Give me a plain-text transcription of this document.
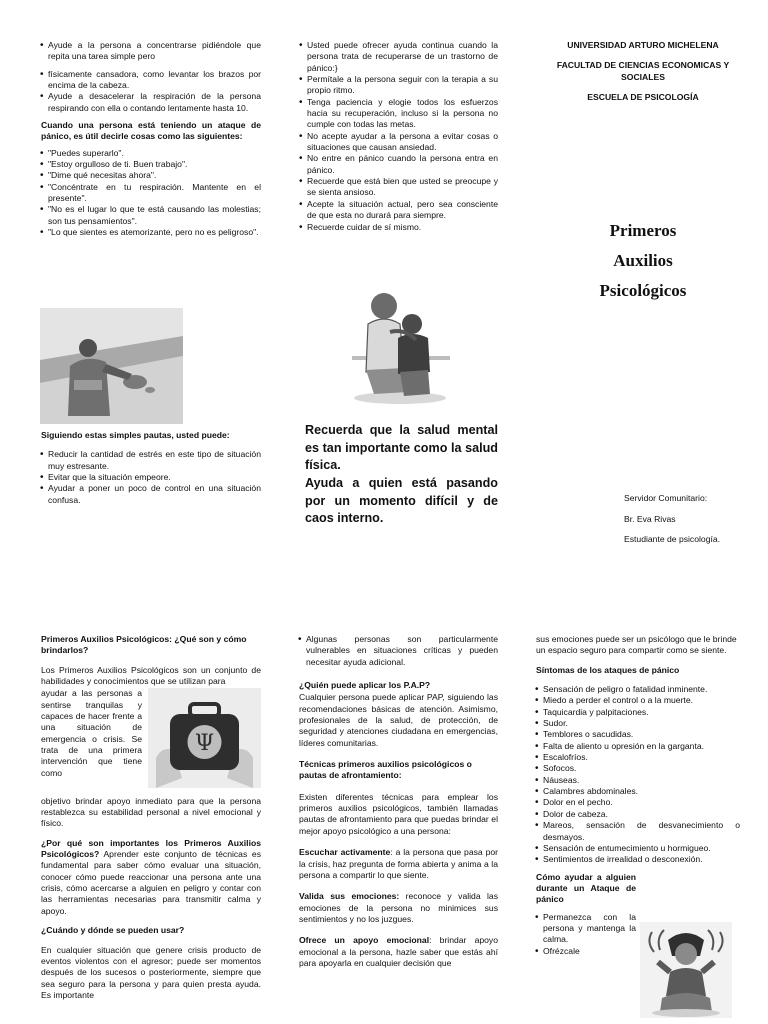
• Ayude a la persona a concentrarse pidiéndole que repita una tarea simple pero
• físicamente cansadora, como levantar los brazos por encima de la cabeza.
• Ayude a desacelerar la respiración de la persona respirando con ella o contando lentamente hasta 10.

Cuando una persona está teniendo un ataque de pánico, es útil decirle cosas como las siguientes:

• "Puedes superarlo".
• "Estoy orgulloso de ti. Buen trabajo".
• "Dime qué necesitas ahora".
• "Concéntrate en tu respiración. Mantente en el presente".
• "No es el lugar lo que te está causando las molestias; son tus pensamientos".
• "Lo que sientes es atemorizante, pero no es peligroso".

Siguiendo estas simples pautas, usted puede:

• Reducir la cantidad de estrés en este tipo de situación muy estresante.
• Evitar que la situación empeore.
• Ayudar a poner un poco de control en una situación confusa.
• Usted puede ofrecer ayuda continua cuando la persona trata de recuperarse de un trastorno de pánico:}
• Permítale a la persona seguir con la terapia a su propio ritmo.
• Tenga paciencia y elogie todos los esfuerzos hacia su recuperación, incluso si la persona no cumple con todas las metas.
• No acepte ayudar a la persona a evitar cosas o situaciones que causan ansiedad.
• No entre en pánico cuando la persona entra en pánico.
• Recuerde que está bien que usted se preocupe y se sienta ansioso.
• Acepte la situación actual, pero sea consciente de que esta no durará para siempre.
• Recuerde cuidar de sí mismo.
Recuerda que la salud mental es tan importante como la salud física.
Ayuda a quien está pasando por un momento difícil y de caos interno.
UNIVERSIDAD ARTURO MICHELENA
FACULTAD DE CIENCIAS ECONOMICAS Y SOCIALES
ESCUELA DE PSICOLOGÍA
Primeros
Auxilios
Psicológicos
Servidor Comunitario:
Br. Eva Rivas
Estudiante de psicología.

Primeros Auxilios Psicológicos: ¿Qué son y cómo brindarlos?

Los Primeros Auxilios Psicológicos son un conjunto de habilidades y conocimientos que se utilizan para

Ψ

ayudar a las personas a sentirse tranquilas y capaces de hacer frente a una situación de emergencia o crisis. Se trata de una primera intervención que tiene como

objetivo brindar apoyo inmediato para que la persona restablezca su estabilidad personal a nivel emocional y físico.

¿Por qué son importantes los Primeros Auxilios Psicológicos? Aprender este conjunto de técnicas es fundamental para saber cómo evaluar una situación, conocer cómo puede reaccionar una persona ante una crisis, cómo acercarse a alguien en peligro y contar con las herramientas necesarias para transmitir calma y apoyo.

¿Cuándo y dónde se pueden usar?

En cualquier situación que genere crisis producto de eventos violentos con el agresor; puede ser momentos después de los sucesos o posteriormente, siempre que sea seguro para la persona y para quien presta ayuda. Es importante

• Algunas personas son particularmente vulnerables en situaciones críticas y pueden necesitar ayuda adicional.

¿Quién puede aplicar los P.A.P?

Cualquier persona puede aplicar PAP, siguiendo las recomendaciones básicas de atención. Asimismo, profesionales de la salud, de protección, de seguridad y atenciones ciudadana en emergencias, líderes comunitarias.

Técnicas primeros auxilios psicológicos o pautas de afrontamiento:

Existen diferentes técnicas para emplear los primeros auxilios psicológicos, también llamadas pautas de afrontamiento para que puedas brindar el mejor apoyo psicológico a una persona:

Escuchar activamente: a la persona que pasa por la crisis, haz pregunta de forma abierta y anima a la persona a compartir lo que siente.

Valida sus emociones: reconoce y valida las emociones de la persona no minimices sus sentimientos y no los juzgues.

Ofrece un apoyo emocional: brindar apoyo emocional a la persona, hazle saber que estás ahí para apoyarla en cualquier decisión que

sus emociones puede ser un psicólogo que le brinde un espacio seguro para compartir como se siente.

Síntomas de los ataques de pánico

• Sensación de peligro o fatalidad inminente.
• Miedo a perder el control o a la muerte.
• Taquicardia y palpitaciones.
• Sudor.
• Temblores o sacudidas.
• Falta de aliento u opresión en la garganta.
• Escalofríos.
• Sofocos.
• Náuseas.
• Calambres abdominales.
• Dolor en el pecho.
• Dolor de cabeza.
• Mareos, sensación de desvanecimiento o desmayos.
• Sensación de entumecimiento u hormigueo.
• Sentimientos de irrealidad o desconexión.

Cómo ayudar a alguien durante un Ataque de pánico

• Permanezca con la persona y mantenga la calma.
• Ofrézcale
